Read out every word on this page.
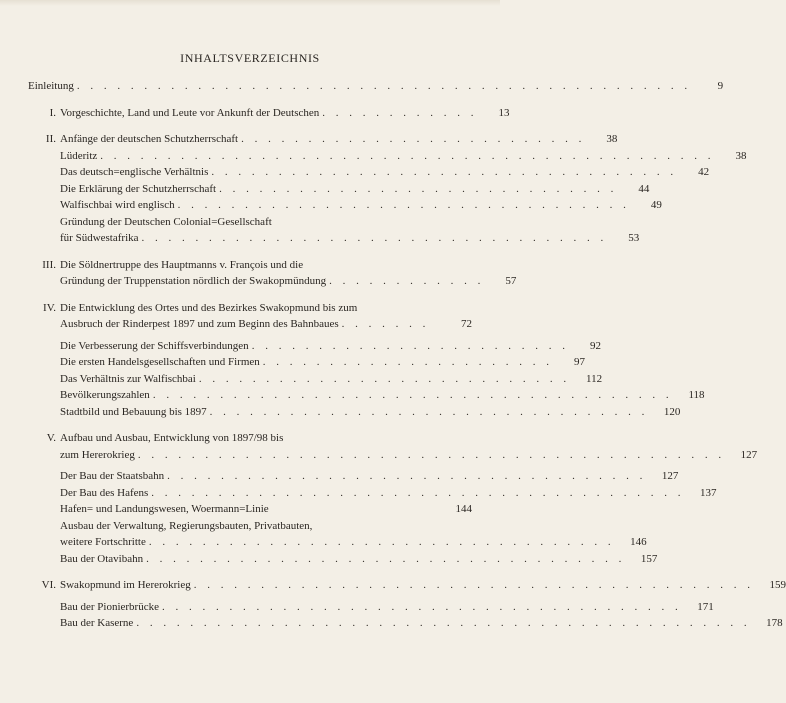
INHALTSVERZEICHNIS
Einleitung . . . . . . . . . . . . . . . . . . . . . . . . . . . . . . . . . . . . . . . . . . . . . .	9
I. Vorgeschichte, Land und Leute vor Ankunft der Deutschen . . . . . . . . . . . .	13
II. Anfänge der deutschen Schutzherrschaft . . . . . . . . . . . . . . . . . . . . . . . . . .	38
Lüderitz . . . . . . . . . . . . . . . . . . . . . . . . . . . . . . . . . . . . . . . . . . . . . .	38
Das deutsch=englische Verhältnis . . . . . . . . . . . . . . . . . . . . . . . . . . . . . . . . . . .	42
Die Erklärung der Schutzherrschaft . . . . . . . . . . . . . . . . . . . . . . . . . . . . . .	44
Walfischbai wird englisch . . . . . . . . . . . . . . . . . . . . . . . . . . . . . . . . . .	49
Gründung der Deutschen Colonial=Gesellschaft
für Südwestafrika . . . . . . . . . . . . . . . . . . . . . . . . . . . . . . . . . . .	53
III. Die Söldnertruppe des Hauptmanns v. François und die
Gründung der Truppenstation nördlich der Swakopmündung . . . . . . . . . . . .	57
IV. Die Entwicklung des Ortes und des Bezirkes Swakopmund bis zum
Ausbruch der Rinderpest 1897 und zum Beginn des Bahnbaues . . . . . . .	72
Die Verbesserung der Schiffsverbindungen . . . . . . . . . . . . . . . . . . . . . . . .	92
Die ersten Handelsgesellschaften und Firmen . . . . . . . . . . . . . . . . . . . . . .	97
Das Verhältnis zur Walfischbai . . . . . . . . . . . . . . . . . . . . . . . . . . . .	112
Bevölkerungszahlen . . . . . . . . . . . . . . . . . . . . . . . . . . . . . . . . . . . . . . .	118
Stadtbild und Bebauung bis 1897 . . . . . . . . . . . . . . . . . . . . . . . . . . . . . . . . .	120
V. Aufbau und Ausbau, Entwicklung von 1897/98 bis
zum Hererokrieg . . . . . . . . . . . . . . . . . . . . . . . . . . . . . . . . . . . . . . . . . . . .	127
Der Bau der Staatsbahn . . . . . . . . . . . . . . . . . . . . . . . . . . . . . . . . . . . .	127
Der Bau des Hafens . . . . . . . . . . . . . . . . . . . . . . . . . . . . . . . . . . . . . . . .	137
Hafen= und Landungswesen, Woermann=Linie	144
Ausbau der Verwaltung, Regierungsbauten, Privatbauten,
weitere Fortschritte . . . . . . . . . . . . . . . . . . . . . . . . . . . . . . . . . . .	146
Bau der Otavibahn . . . . . . . . . . . . . . . . . . . . . . . . . . . . . . . . . . . .	157
VI. Swakopmund im Hererokrieg . . . . . . . . . . . . . . . . . . . . . . . . . . . . . . . . . . . . . . . . . .	159
Bau der Pionierbrücke . . . . . . . . . . . . . . . . . . . . . . . . . . . . . . . . . . . . . . .	171
Bau der Kaserne . . . . . . . . . . . . . . . . . . . . . . . . . . . . . . . . . . . . . . . . . . . . . .	178
